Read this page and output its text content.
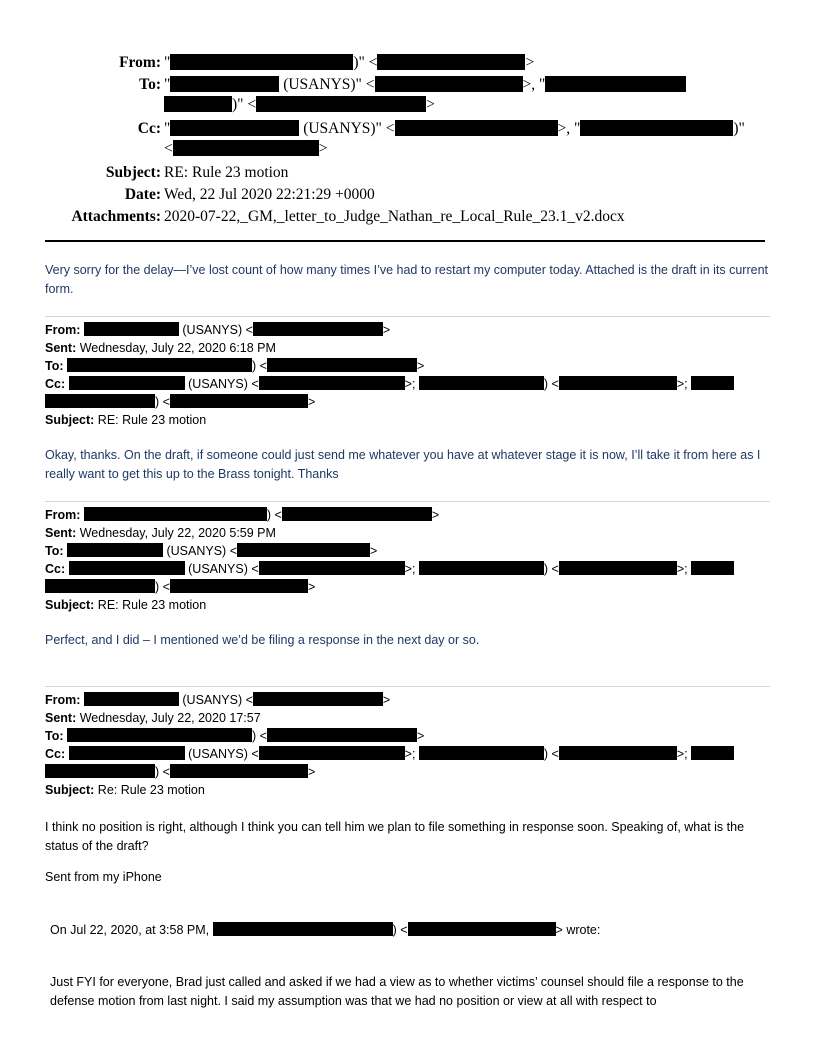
From: "	)" <	>
To: "	(USANYS)" <	>, "
)" <	>
Cc: "	(USANYS)" <	>, "	)"
<	>
Subject: RE: Rule 23 motion
Date: Wed, 22 Jul 2020 22:21:29 +0000
Attachments: 2020-07-22,_GM,_letter_to_Judge_Nathan_re_Local_Rule_23.1_v2.docx
Very sorry for the delay—I’ve lost count of how many times I’ve had to restart my computer today. Attached is the draft in its current form.
From:	(USANYS) <	>
Sent: Wednesday, July 22, 2020 6:18 PM
To:	) <	>
Cc:	(USANYS) <	>;	) <	>;
) <	>
Subject: RE: Rule 23 motion
Okay, thanks. On the draft, if someone could just send me whatever you have at whatever stage it is now, I’ll take it from here as I really want to get this up to the Brass tonight. Thanks
From:	) <	>
Sent: Wednesday, July 22, 2020 5:59 PM
To:	(USANYS) <	>
Cc:	(USANYS) <	>;	) <	>;
) <	>
Subject: RE: Rule 23 motion
Perfect, and I did – I mentioned we’d be filing a response in the next day or so.
From:	(USANYS) <	>
Sent: Wednesday, July 22, 2020 17:57
To:	) <	>
Cc:	(USANYS) <	>;	) <	>;
) <	>
Subject: Re: Rule 23 motion
I think no position is right, although I think you can tell him we plan to file something in response soon. Speaking of, what is the status of the draft?
Sent from my iPhone
On Jul 22, 2020, at 3:58 PM,	) <	> wrote:
Just FYI for everyone, Brad just called and asked if we had a view as to whether victims’ counsel should file a response to the defense motion from last night. I said my assumption was that we had no position or view at all with respect to
